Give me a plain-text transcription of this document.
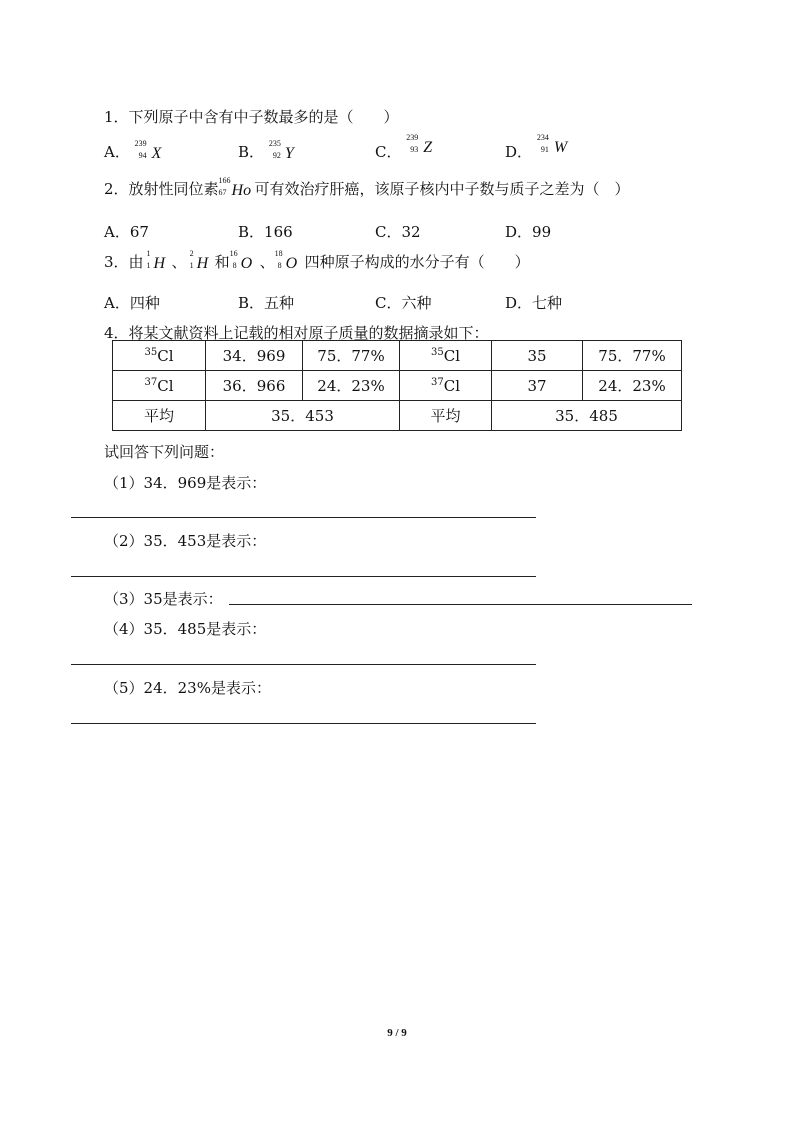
1．下列原子中含有中子数最多的是（　　）
A． 239
94 X	B． 235
92 Y	C．
239
93 Z	D．
234
91 W
2．放射性同位素 166
67 Ho 可有效治疗肝癌，该原子核内中子数与质子之差为（　）
A．67	B．166	C．32	D．99
3．由 1
1 H 、 2
1 H 和 16
8 O 、 18
8 O 四种原子构成的水分子有（　　）
A．四种	B．五种	C．六种	D．七种
4．将某文献资料上记载的相对原子质量的数据摘录如下：
$^{35}$Cl	34．969	75．77%	$^{35}$Cl	35	75．77%
$^{37}$Cl	36．966	24．23%	$^{37}$Cl	37	24．23%
平均	35．453		平均	35．485	
试回答下列问题：
（1）34．969是表示：
（2）35．453是表示：
（3）35是表示：
（4）35．485是表示：
（5）24．23%是表示：
9 / 9
